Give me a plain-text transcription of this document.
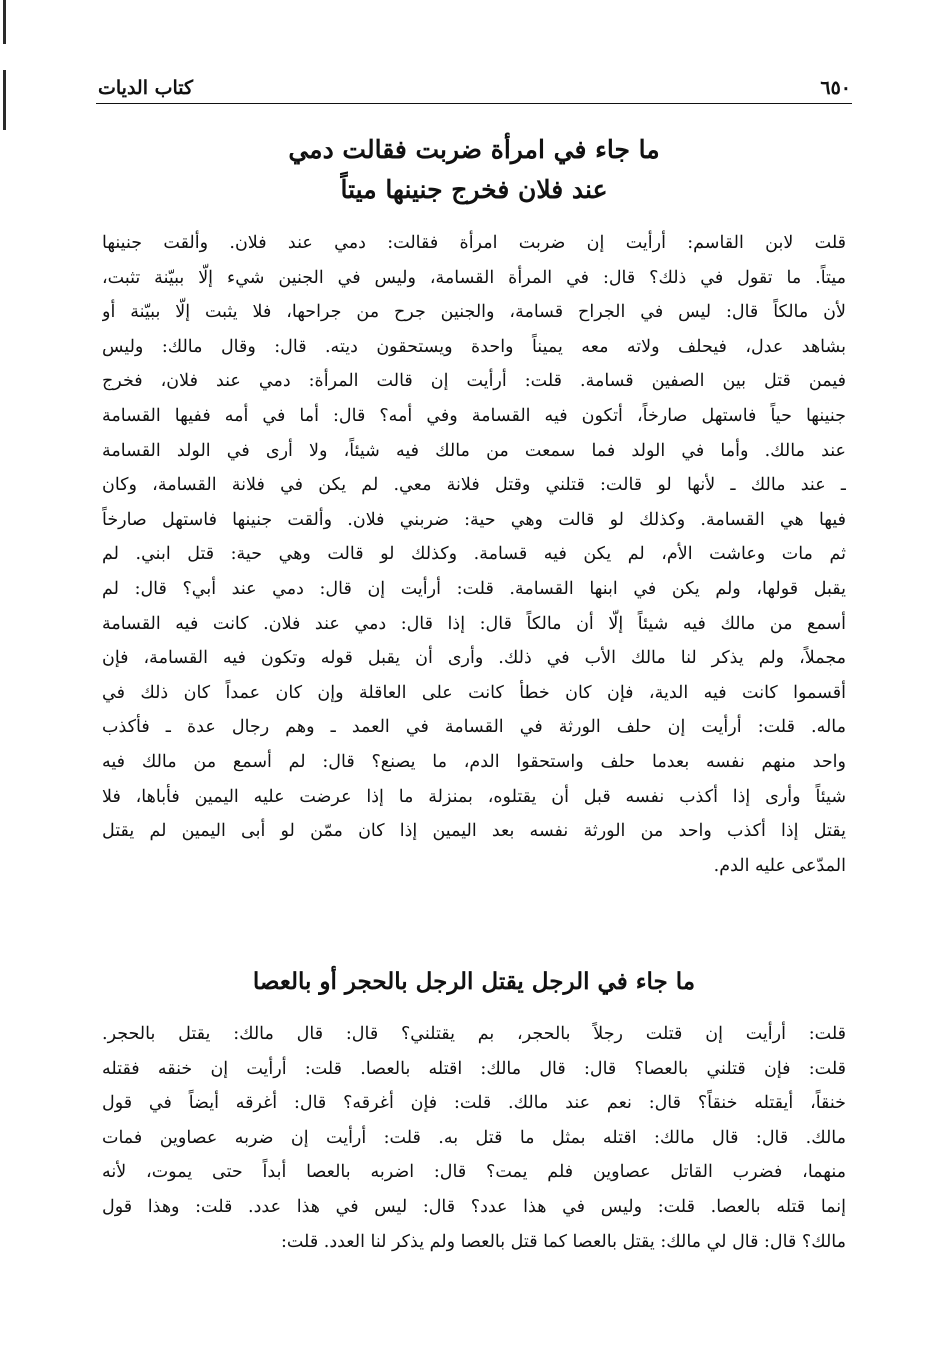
٦٥٠
كتاب الديات
ما جاء في امرأة ضربت فقالت دمي
عند فلان فخرج جنينها ميتاً
قلت لابن القاسم: أرأيت إن ضربت امرأة فقالت: دمي عند فلان. وألقت جنينها
ميتاً. ما تقول في ذلك؟ قال: في المرأة القسامة، وليس في الجنين شيء إلّا ببيّنة تثبت،
لأن مالكاً قال: ليس في الجراح قسامة، والجنين جرح من جراحها، فلا يثبت إلّا ببيّنة أو
بشاهد عدل، فيحلف ولاته معه يميناً واحدة ويستحقون ديته. قال: وقال مالك: وليس
فيمن قتل بين الصفين قسامة. قلت: أرأيت إن قالت المرأة: دمي عند فلان، فخرج
جنينها حياً فاستهل صارخاً، أتكون فيه القسامة وفي أمه؟ قال: أما في أمه ففيها القسامة
عند مالك. وأما في الولد فما سمعت من مالك فيه شيئاً، ولا أرى في الولد القسامة
ـ عند مالك ـ لأنها لو قالت: قتلني وقتل فلانة معي. لم يكن في فلانة القسامة، وكان
فيها هي القسامة. وكذلك لو قالت وهي حية: ضربني فلان. وألقت جنينها فاستهل صارخاً
ثم مات وعاشت الأم، لم يكن فيه قسامة. وكذلك لو قالت وهي حية: قتل ابني. لم
يقبل قولها، ولم يكن في ابنها القسامة. قلت: أرأيت إن قال: دمي عند أبي؟ قال: لم
أسمع من مالك فيه شيئاً إلّا أن مالكاً قال: إذا قال: دمي عند فلان. كانت فيه القسامة
مجملاً، ولم يذكر لنا مالك الأب في ذلك. وأرى أن يقبل قوله وتكون فيه القسامة، فإن
أقسموا كانت فيه الدية، فإن كان خطأ كانت على العاقلة وإن كان عمداً كان ذلك في
ماله. قلت: أرأيت إن حلف الورثة في القسامة في العمد ـ وهم رجال عدة ـ فأكذب
واحد منهم نفسه بعدما حلف واستحقوا الدم، ما يصنع؟ قال: لم أسمع من مالك فيه
شيئاً وأرى إذا أكذب نفسه قبل أن يقتلوه، بمنزلة ما إذا عرضت عليه اليمين فأباها، فلا
يقتل إذا أكذب واحد من الورثة نفسه بعد اليمين إذا كان ممّن لو أبى اليمين لم يقتل
المدّعى عليه الدم.
ما جاء في الرجل يقتل الرجل بالحجر أو بالعصا
قلت: أرأيت إن قتلت رجلاً بالحجر، بم يقتلني؟ قال: قال مالك: يقتل بالحجر.
قلت: فإن قتلني بالعصا؟ قال: قال مالك: اقتله بالعصا. قلت: أرأيت إن خنقه فقتله
خنقاً، أيقتله خنقاً؟ قال: نعم عند مالك. قلت: فإن أغرقه؟ قال: أغرقه أيضاً في قول
مالك. قال: قال مالك: اقتله بمثل ما قتل به. قلت: أرأيت إن ضربه عصاوين فمات
منهما، فضرب القاتل عصاوين فلم يمت؟ قال: اضربه بالعصا أبداً حتى يموت، لأنه
إنما قتله بالعصا. قلت: وليس في هذا عدد؟ قال: ليس في هذا عدد. قلت: وهذا قول
مالك؟ قال: قال لي مالك: يقتل بالعصا كما قتل بالعصا ولم يذكر لنا العدد. قلت:
